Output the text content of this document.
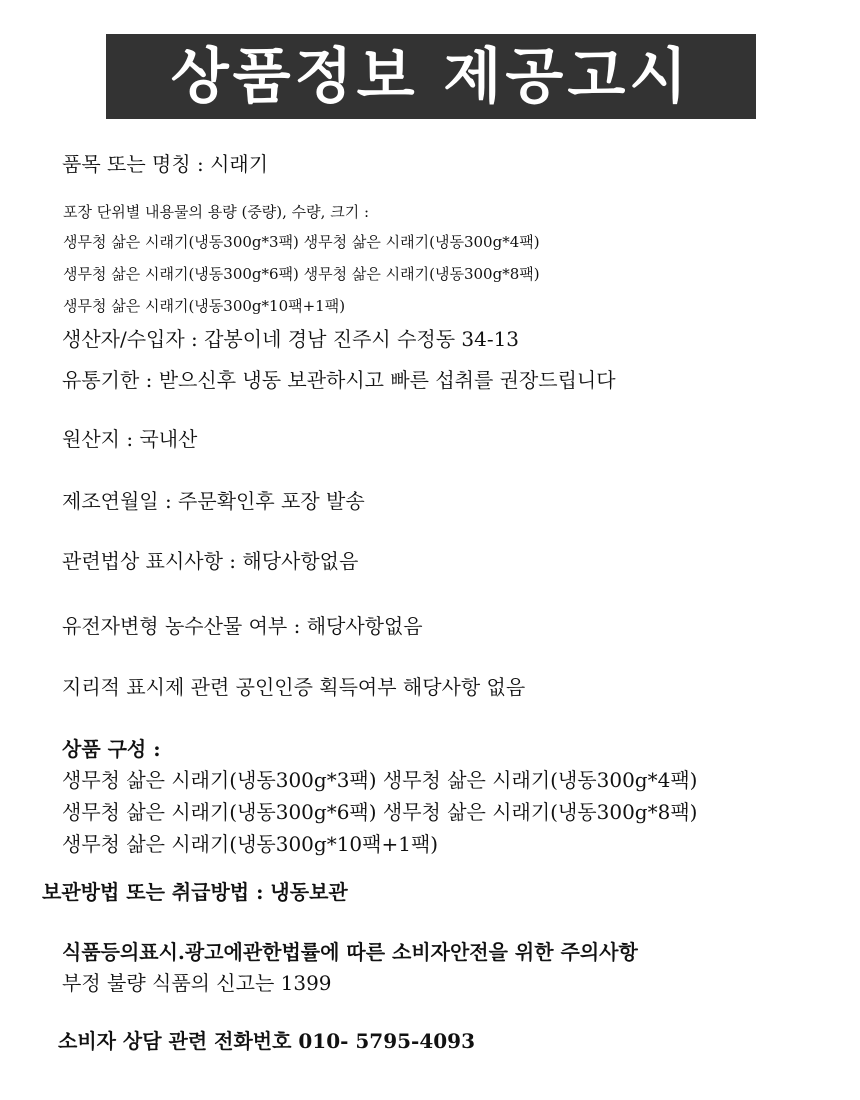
상품정보 제공고시
품목 또는 명칭 : 시래기
포장 단위별 내용물의 용량 (중량), 수량, 크기 :
생무청 삶은 시래기(냉동300g*3팩) 생무청 삶은 시래기(냉동300g*4팩)
생무청 삶은 시래기(냉동300g*6팩) 생무청 삶은 시래기(냉동300g*8팩)
생무청 삶은 시래기(냉동300g*10팩+1팩)
생산자/수입자 : 갑봉이네 경남 진주시 수정동 34-13
유통기한 : 받으신후 냉동 보관하시고 빠른 섭취를 권장드립니다
원산지 : 국내산
제조연월일 : 주문확인후 포장 발송
관련법상 표시사항 : 해당사항없음
유전자변형 농수산물 여부 : 해당사항없음
지리적 표시제 관련 공인인증 획득여부 해당사항 없음
상품 구성 :
생무청 삶은 시래기(냉동300g*3팩) 생무청 삶은 시래기(냉동300g*4팩)
생무청 삶은 시래기(냉동300g*6팩) 생무청 삶은 시래기(냉동300g*8팩)
생무청 삶은 시래기(냉동300g*10팩+1팩)
보관방법 또는 취급방법 : 냉동보관
식품등의표시.광고에관한법률에 따른 소비자안전을 위한 주의사항
부정 불량 식품의 신고는 1399
소비자 상담 관련 전화번호 010- 5795-4093
